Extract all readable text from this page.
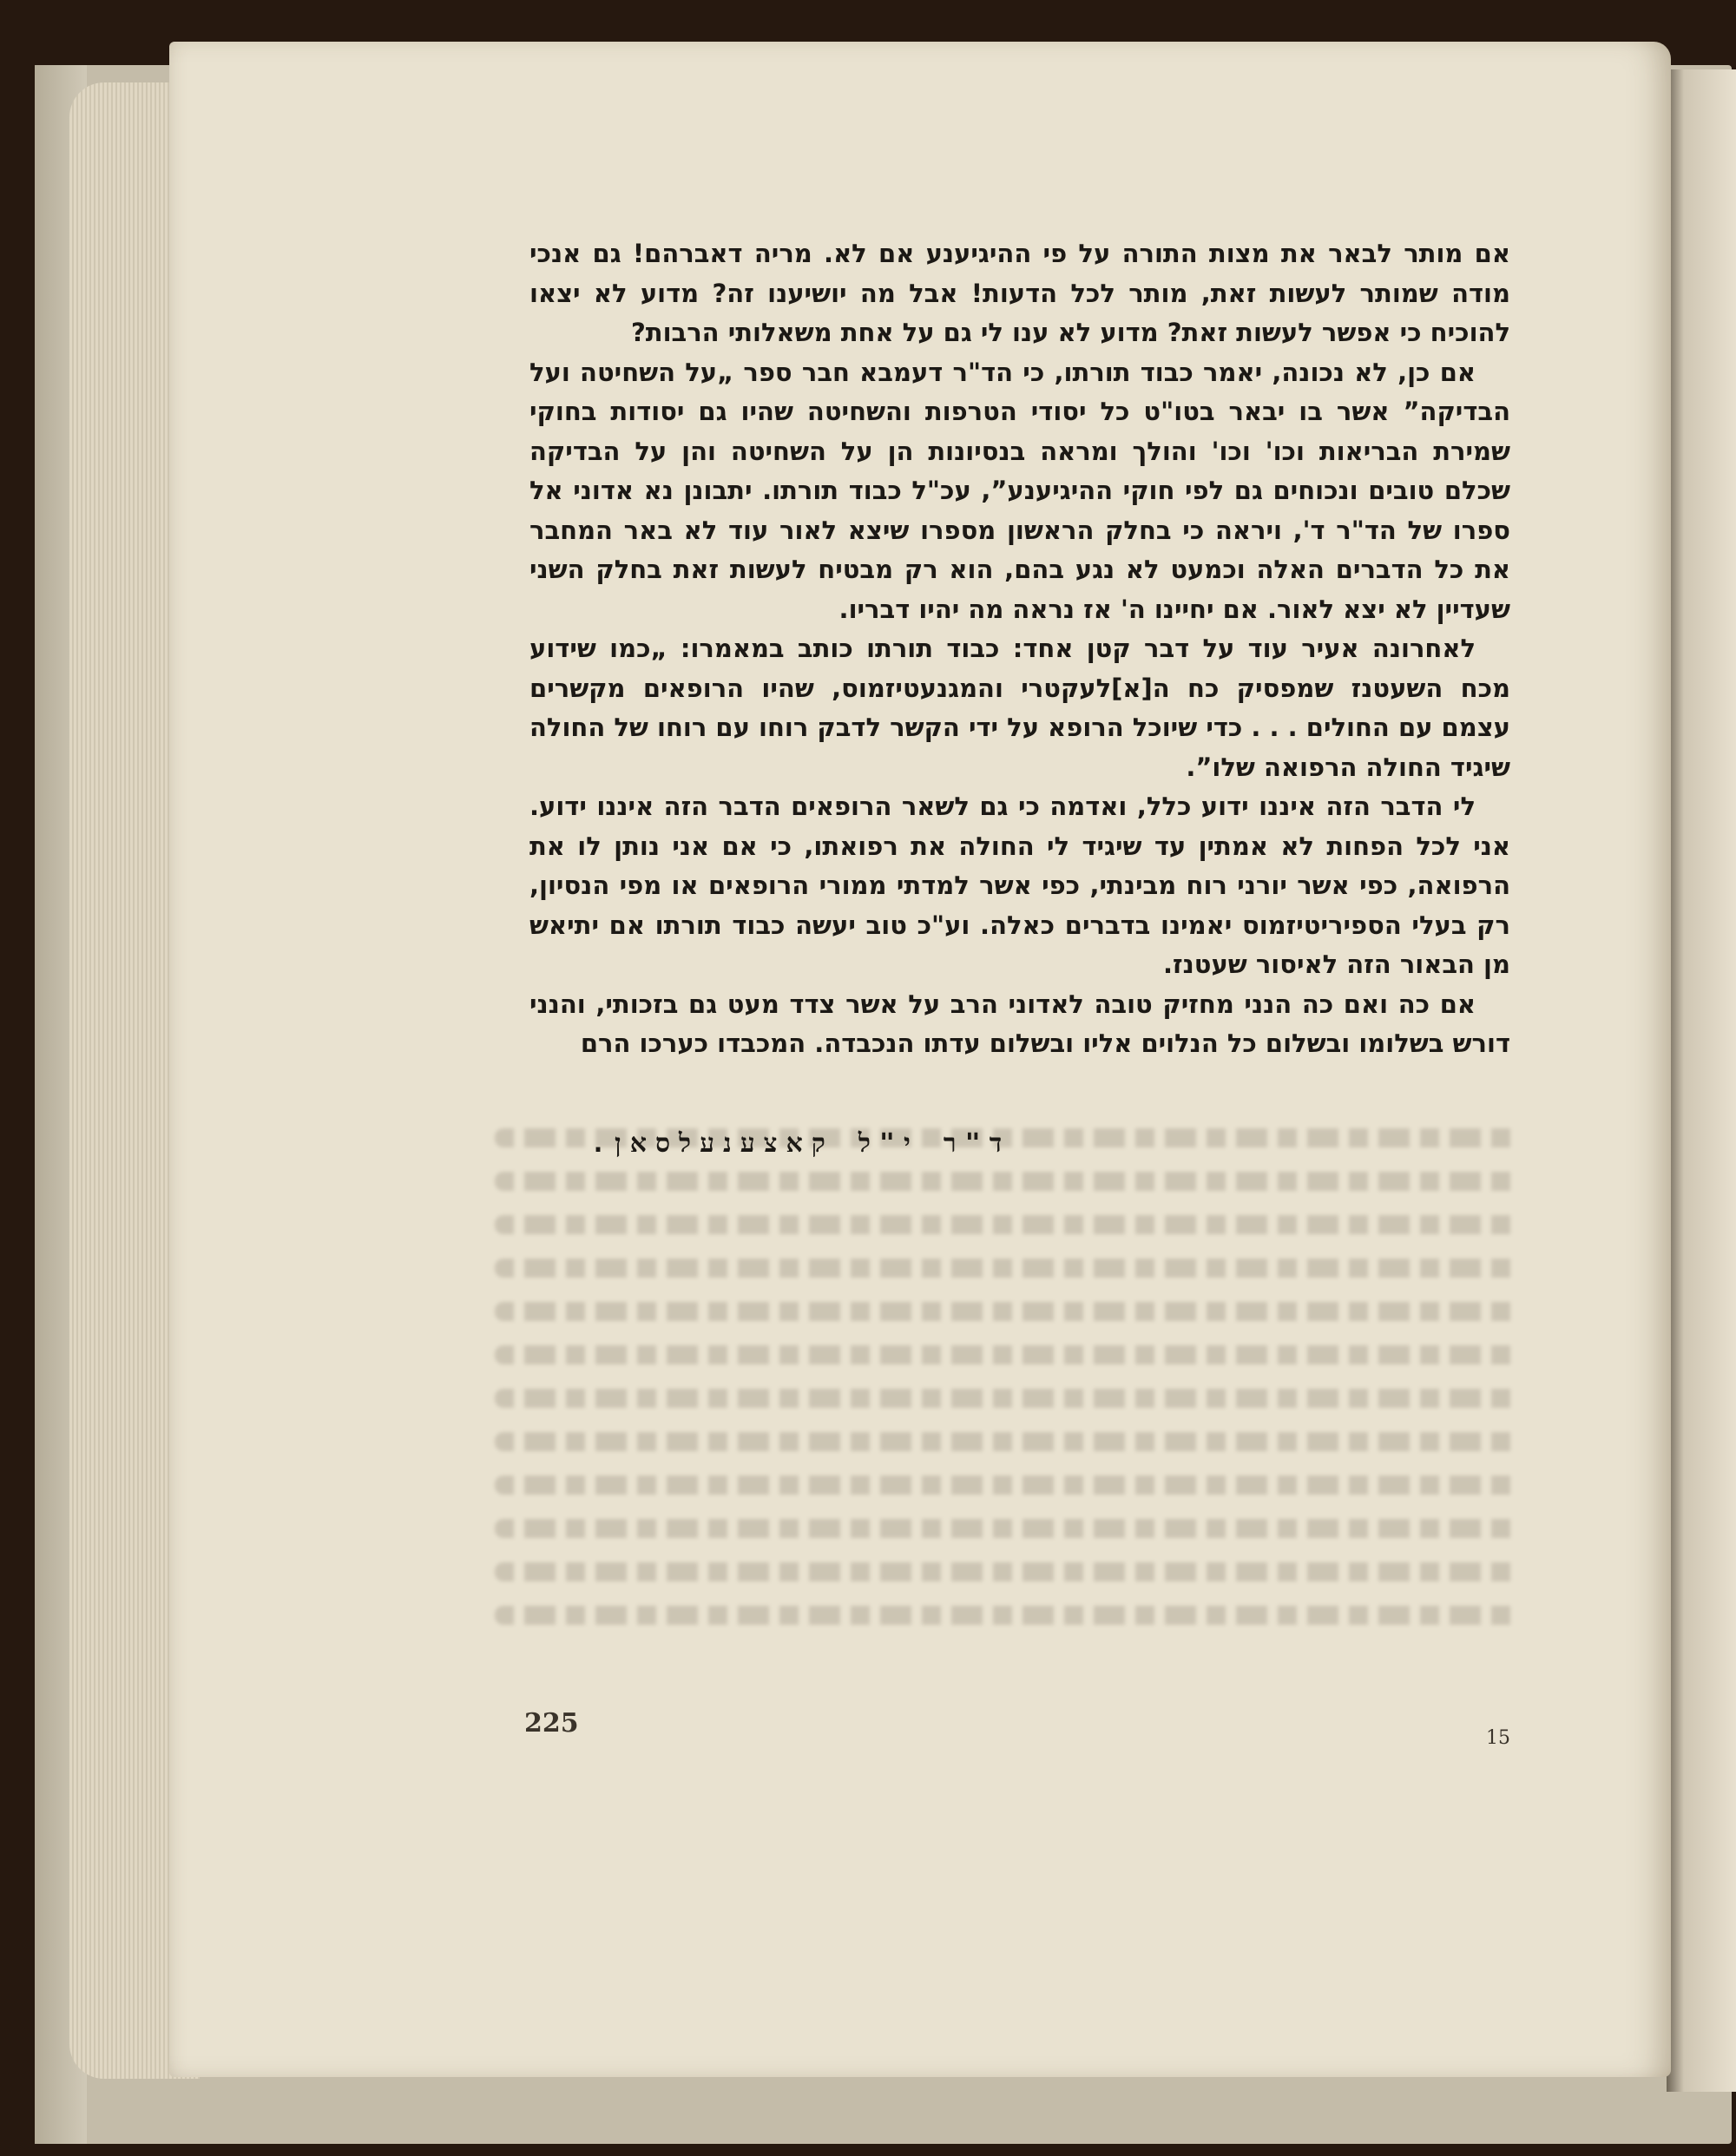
אם מותר לבאר את מצות התורה על פי ההיגיענע אם לא. מריה דאברהם! גם אנכי מודה שמותר לעשות זאת, מותר לכל הדעות! אבל מה יושיענו זה? מדוע לא יצאו להוכיח כי אפשר לעשות זאת? מדוע לא ענו לי גם על אחת משאלותי הרבות?

אם כן, לא נכונה, יאמר כבוד תורתו, כי הד"ר דעמבא חבר ספר „על השחיטה ועל הבדיקה” אשר בו יבאר בטו"ט כל יסודי הטרפות והשחיטה שהיו גם יסודות בחוקי שמירת הבריאות וכו' וכו' והולך ומראה בנסיונות הן על השחיטה והן על הבדיקה שכלם טובים ונכוחים גם לפי חוקי ההיגיענע”, עכ"ל כבוד תורתו. יתבונן נא אדוני אל ספרו של הד"ר ד', ויראה כי בחלק הראשון מספרו שיצא לאור עוד לא באר המחבר את כל הדברים האלה וכמעט לא נגע בהם, הוא רק מבטיח לעשות זאת בחלק השני שעדיין לא יצא לאור. אם יחיינו ה' אז נראה מה יהיו דבריו.

לאחרונה אעיר עוד על דבר קטן אחד: כבוד תורתו כותב במאמרו: „כמו שידוע מכח השעטנז שמפסיק כח ה[א]לעקטרי והמגנעטיזמוס, שהיו הרופאים מקשרים עצמם עם החולים . . . כדי שיוכל הרופא על ידי הקשר לדבק רוחו עם רוחו של החולה שיגיד החולה הרפואה שלו”.

לי הדבר הזה איננו ידוע כלל, ואדמה כי גם לשאר הרופאים הדבר הזה איננו ידוע. אני לכל הפחות לא אמתין עד שיגיד לי החולה את רפואתו, כי אם אני נותן לו את הרפואה, כפי אשר יורני רוח מבינתי, כפי אשר למדתי ממורי הרופאים או מפי הנסיון, רק בעלי הספיריטיזמוס יאמינו בדברים כאלה. וע"כ טוב יעשה כבוד תורתו אם יתיאש מן הבאור הזה לאיסור שעטנז.

אם כה ואם כה הנני מחזיק טובה לאדוני הרב על אשר צדד מעט גם בזכותי, והנני דורש בשלומו ובשלום כל הנלוים אליו ובשלום עדתו הנכבדה. המכבדו כערכו הרם

ד"ר י"ל קאצענעלסאן.
225	15
